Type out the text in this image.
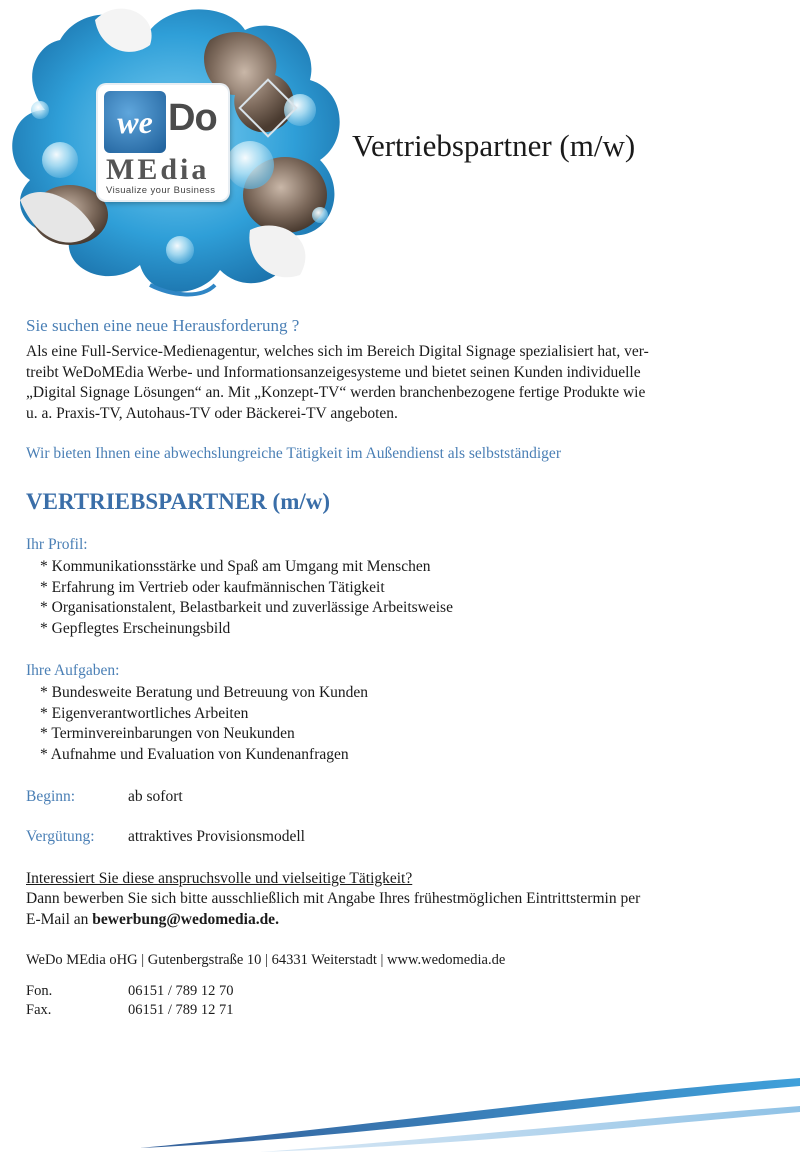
we Do
MEdia
Visualize your Business
Vertriebspartner (m/w)

Sie suchen eine neue Herausforderung ?

Als eine Full-Service-Medienagentur, welches sich im Bereich Digital Signage spezialisiert hat, ver-
treibt WeDoMEdia Werbe- und Informationsanzeigesysteme und bietet seinen Kunden individuelle
„Digital Signage Lösungen“ an. Mit „Konzept-TV“ werden branchenbezogene fertige Produkte wie
u. a. Praxis-TV, Autohaus-TV oder Bäckerei-TV angeboten.

Wir bieten Ihnen eine abwechslungreiche Tätigkeit im Außendienst als selbstständiger

VERTRIEBSPARTNER (m/w)
Ihr Profil:
* Kommunikationsstärke und Spaß am Umgang mit Menschen
* Erfahrung im Vertrieb oder kaufmännischen Tätigkeit
* Organisationstalent, Belastbarkeit und zuverlässige Arbeitsweise
* Gepflegtes Erscheinungsbild
Ihre Aufgaben:
* Bundesweite Beratung und Betreuung von Kunden
* Eigenverantwortliches Arbeiten
* Terminvereinbarungen von Neukunden
* Aufnahme und Evaluation von Kundenanfragen
Beginn:	ab sofort
Vergütung:	attraktives Provisionsmodell

Interessiert Sie diese anspruchsvolle und vielseitige Tätigkeit?

Dann bewerben Sie sich bitte ausschließlich mit Angabe Ihres frühestmöglichen Eintrittstermin per
E-Mail an bewerbung@wedomedia.de.

WeDo MEdia oHG | Gutenbergstraße 10 | 64331 Weiterstadt | www.wedomedia.de

Fon.	06151 / 789 12 70
Fax.	06151 / 789 12 71
